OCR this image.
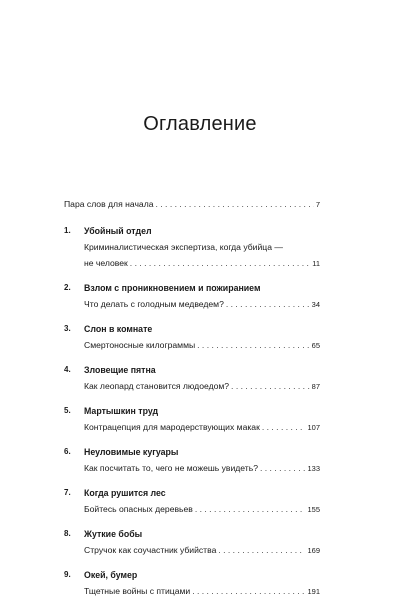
Оглавление
Пара слов для начала . . .	7
1. Убойный отдел
Криминалистическая экспертиза, когда убийца —
не человек . . .	11
2. Взлом с проникновением и пожиранием
Что делать с голодным медведем? . . .	34
3. Слон в комнате
Смертоносные килограммы . . .	65
4. Зловещие пятна
Как леопард становится людоедом? . . .	87
5. Мартышкин труд
Контрацепция для мародерствующих макак . . .	107
6. Неуловимые кугуары
Как посчитать то, чего не можешь увидеть? . . .	133
7. Когда рушится лес
Бойтесь опасных деревьев . . .	155
8. Жуткие бобы
Стручок как соучастник убийства . . .	169
9. Окей, бумер
Тщетные войны с птицами . . .	191
